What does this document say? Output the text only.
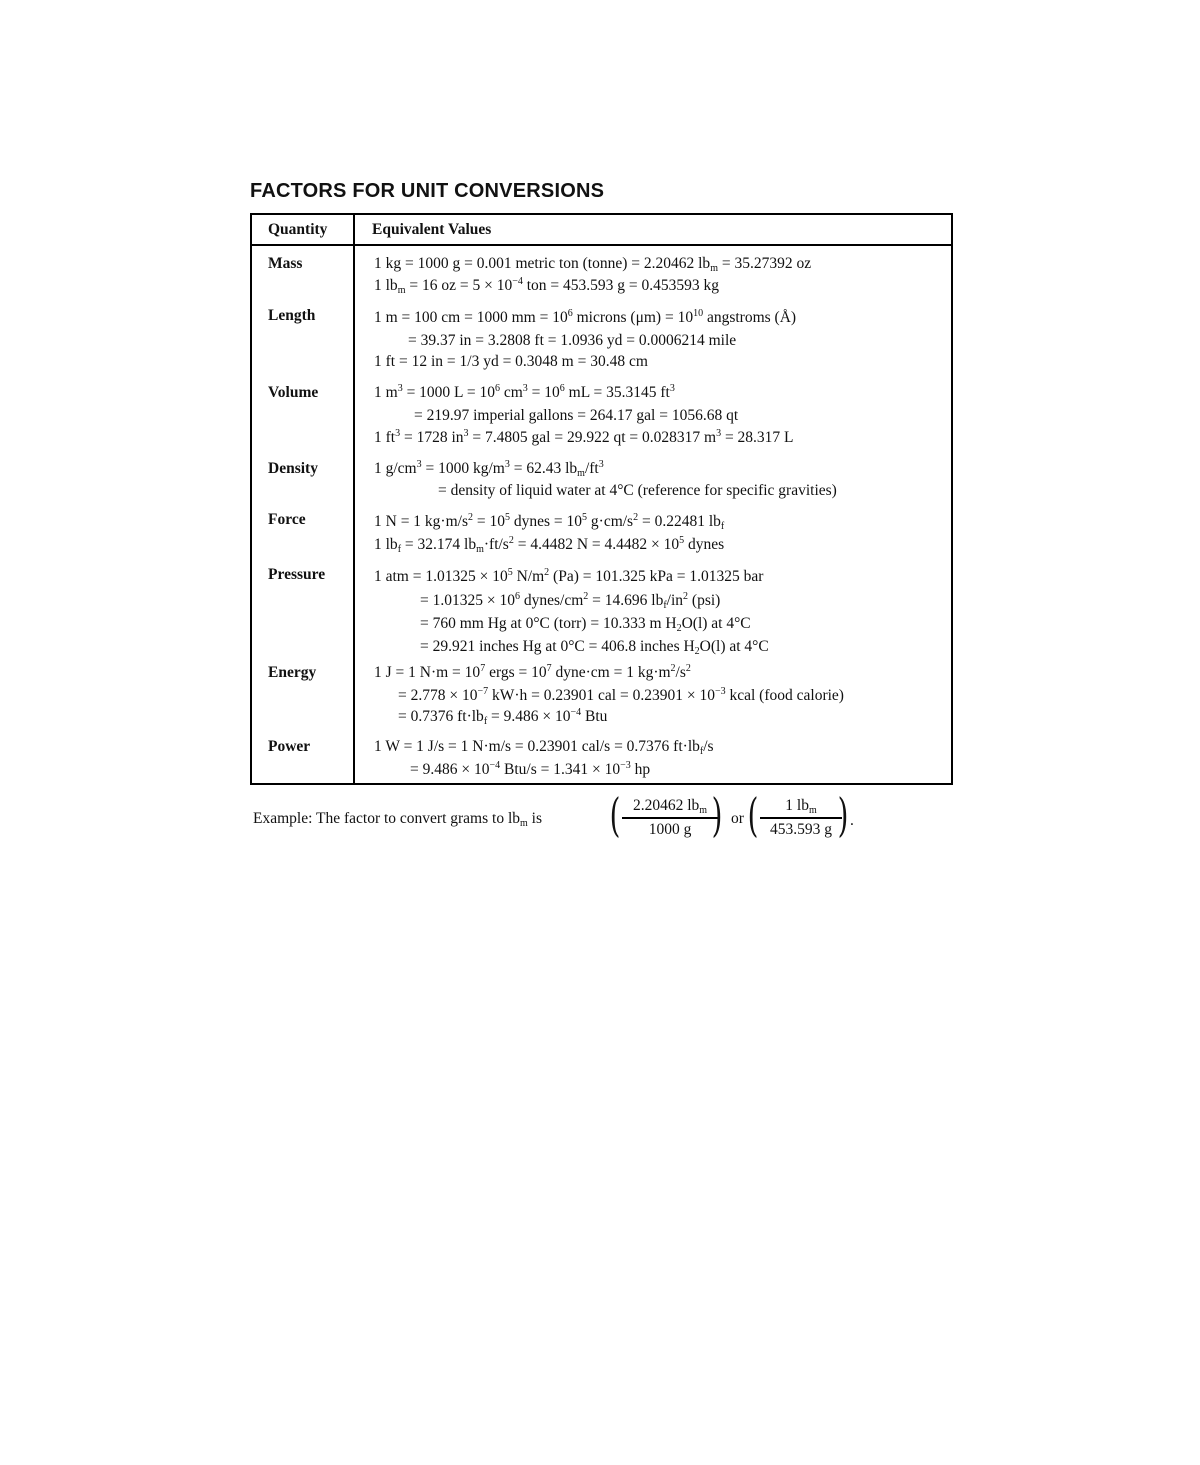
FACTORS FOR UNIT CONVERSIONS
Quantity	Equivalent Values
Mass
Length
Volume
Density
Force
Pressure
Energy
Power
1 kg = 1000 g = 0.001 metric ton (tonne) = 2.20462 $lb_m = 35.27392$ oz
1 $lb_m = 16$ oz = $5 \times 10^{-4}$ ton = 453.593 g = 0.453593 kg
1 m = 100 cm = 1000 mm = $10^6$ microns $(\mu m) = 10^{10}$ angstroms (Å)
= 39.37 in = 3.2808 ft = 1.0936 yd = 0.0006214 mile
1 ft = 12 in = 1/3 yd = 0.3048 m = 30.48 cm
1 $m^3 = 1000$ $L = 10^6$ $cm^3 = 10^6$ mL = 35.3145 $ft^3$
= 219.97 imperial gallons = 264.17 gal = 1056.68 qt
1 $ft^3 = 1728$ $in^3 = 7.4805$ gal = 29.922 qt = 0.028317 $m^3 = 28.317$ L
1 $g/cm^3 = 1000$ $kg/m^3 = 62.43$ $lb_m/ft^3$
= density of liquid water at 4°C (reference for specific gravities)
1 N = 1 $kg\cdot m/s^2 = 10^5$ dynes = $10^5$ $g\cdot cm/s^2 = 0.22481$ $lb_f$
1 $lb_f = 32.174$ $lb_m\cdot ft/s^2 = 4.4482$ $N = 4.4482 \times 10^5$ dynes
1 atm = $1.01325 \times 10^5$ $N/m^2$ (Pa) = 101.325 kPa = 1.01325 bar
= $1.01325 \times 10^6$ dynes/$cm^2 = 14.696$ $lb_f/in^2$ (psi)
= 760 mm Hg at 0°C (torr) = 10.333 m $H_2O(l)$ at 4°C
= 29.921 inches Hg at 0°C = 406.8 inches $H_2O(l)$ at 4°C
1 J = 1 $N\cdot m = 10^7$ ergs = $10^7$ dyne·cm = 1 $kg\cdot m^2/s^2$
= $2.778 \times 10^{-7}$ kW·h = 0.23901 cal = $0.23901 \times 10^{-3}$ kcal (food calorie)
= 0.7376 $ft\cdot lb_f = 9.486 \times 10^{-4}$ Btu
1 W = 1 J/s = 1 N·m/s = 0.23901 cal/s = 0.7376 $ft\cdot lb_f/s$
= $9.486 \times 10^{-4}$ $Btu/s = 1.341 \times 10^{-3}$ hp
Example: The factor to convert grams to $lb_m$ is ( 2.20462 $lb_m$
1000 g ) or (	1 $lb_m$
453.593 g ) .
